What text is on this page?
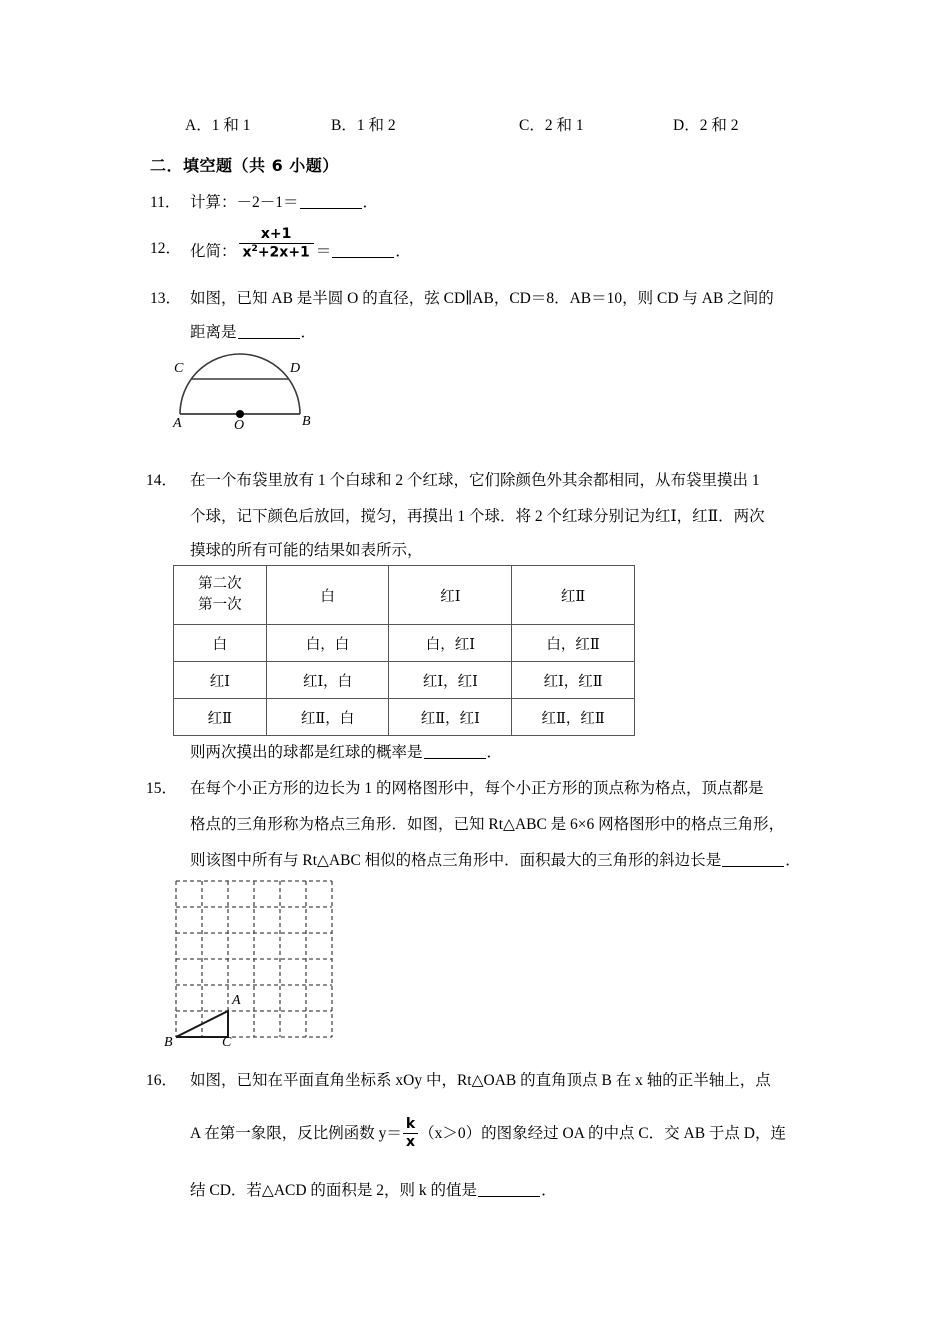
A．1 和 1	B．1 和 2	C．2 和 1	D．2 和 2
二．填空题（共 6 小题）
11． 计算：－2－1＝	．
12． 化简： $\frac{x+1}{x^2+2x+1}$ ＝	．
13． 如图，已知 AB 是半圆 O 的直径，弦 CD∥AB，CD＝8．AB＝10，则 CD 与 AB 之间的
距离是	．
C	D
A	O	B
14． 在一个布袋里放有 1 个白球和 2 个红球，它们除颜色外其余都相同，从布袋里摸出 1
个球，记下颜色后放回，搅匀，再摸出 1 个球．将 2 个红球分别记为红Ⅰ，红Ⅱ．两次
摸球的所有可能的结果如表所示，
第二次
第一次	白	红Ⅰ	红Ⅱ
白	白，白	白，红Ⅰ	白，红Ⅱ
红Ⅰ	红Ⅰ，白	红Ⅰ，红Ⅰ	红Ⅰ，红Ⅱ
红Ⅱ	红Ⅱ，白	红Ⅱ，红Ⅰ	红Ⅱ，红Ⅱ
则两次摸出的球都是红球的概率是	．
15． 在每个小正方形的边长为 1 的网格图形中，每个小正方形的顶点称为格点，顶点都是
格点的三角形称为格点三角形．如图，已知 Rt△ABC 是 6×6 网格图形中的格点三角形，
则该图中所有与 Rt△ABC 相似的格点三角形中．面积最大的三角形的斜边长是	．
B	C
A
16． 如图，已知在平面直角坐标系 xOy 中，Rt△OAB 的直角顶点 B 在 x 轴的正半轴上，点
A 在第一象限，反比例函数 $y= \frac{k}{x} (x>0)$的图象经过 OA 的中点 C．交 AB 于点 D，连
结 CD．若△ACD 的面积是 2，则 k 的值是	．
